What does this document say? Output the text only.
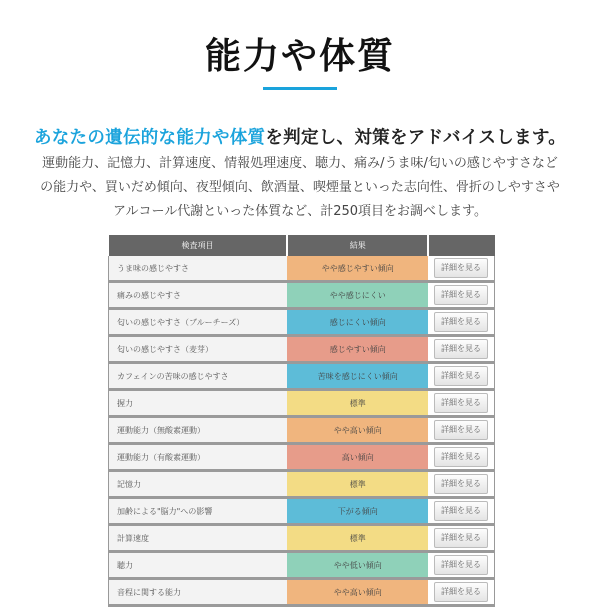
能力や体質
あなたの遺伝的な能力や体質を判定し、対策をアドバイスします。
運動能力、記憶力、計算速度、情報処理速度、聴力、痛み/うま味/匂いの感じやすさなどの能力や、買いだめ傾向、夜型傾向、飲酒量、喫煙量といった志向性、骨折のしやすさやアルコール代謝といった体質など、計250項目をお調べします。
検査項目	結果	
うま味の感じやすさ	やや感じやすい傾向	詳細を見る
痛みの感じやすさ	やや感じにくい	詳細を見る
匂いの感じやすさ（ブルーチーズ）	感じにくい傾向	詳細を見る
匂いの感じやすさ（麦芽）	感じやすい傾向	詳細を見る
カフェインの苦味の感じやすさ	苦味を感じにくい傾向	詳細を見る
握力	標準	詳細を見る
運動能力（無酸素運動）	やや高い傾向	詳細を見る
運動能力（有酸素運動）	高い傾向	詳細を見る
記憶力	標準	詳細を見る
加齢による"脳力"への影響	下がる傾向	詳細を見る
計算速度	標準	詳細を見る
聴力	やや低い傾向	詳細を見る
音程に関する能力	やや高い傾向	詳細を見る
